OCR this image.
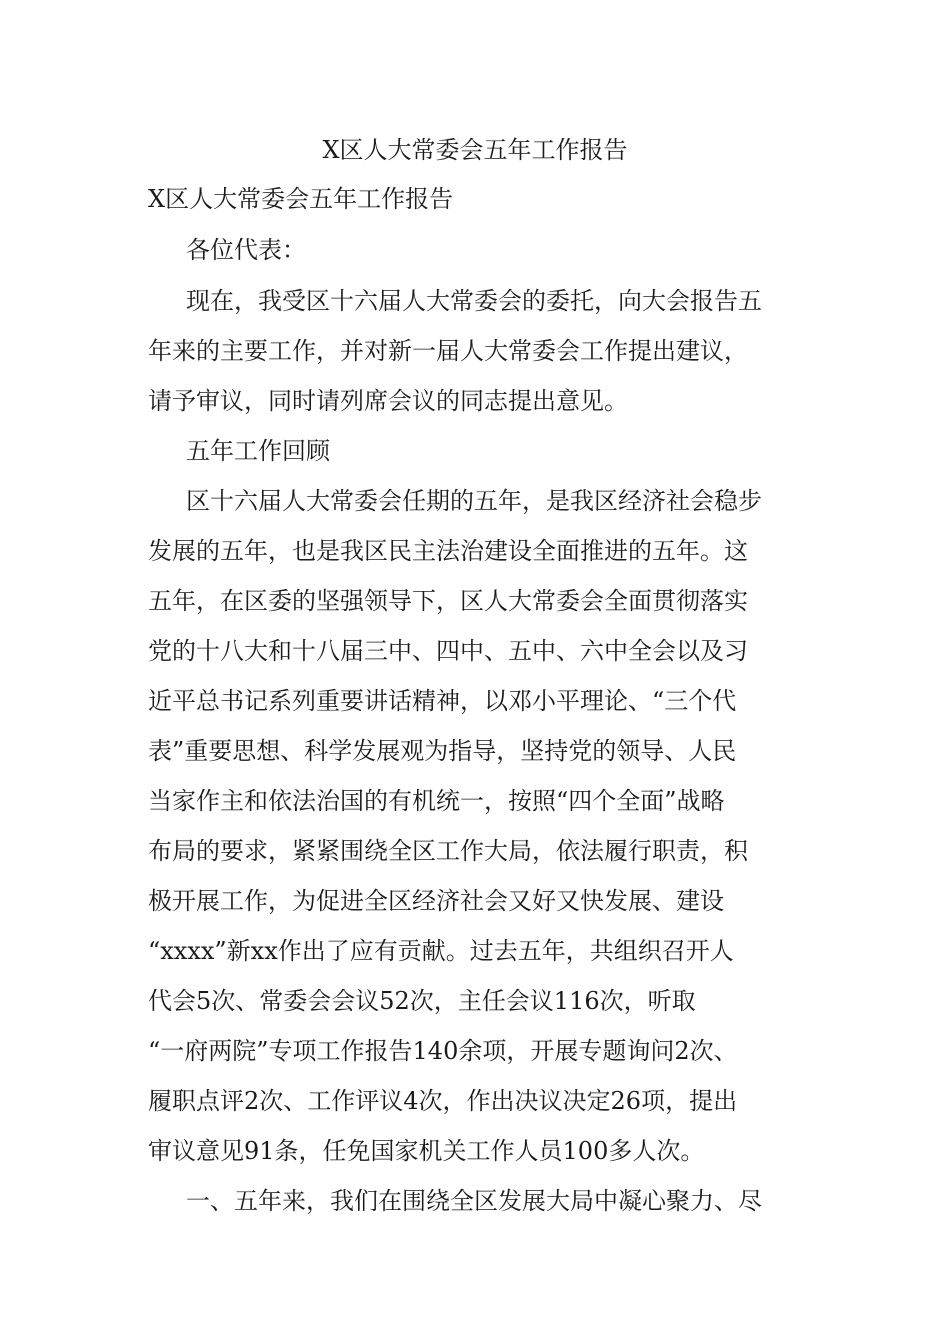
X区人大常委会五年工作报告
X区人大常委会五年工作报告

各位代表：

现在，我受区十六届人大常委会的委托，向大会报告五

年来的主要工作，并对新一届人大常委会工作提出建议，

请予审议，同时请列席会议的同志提出意见。

五年工作回顾

区十六届人大常委会任期的五年，是我区经济社会稳步

发展的五年，也是我区民主法治建设全面推进的五年。这

五年，在区委的坚强领导下，区人大常委会全面贯彻落实

党的十八大和十八届三中、四中、五中、六中全会以及习

近平总书记系列重要讲话精神，以邓小平理论、“三个代

表”重要思想、科学发展观为指导，坚持党的领导、人民

当家作主和依法治国的有机统一，按照“四个全面”战略

布局的要求，紧紧围绕全区工作大局，依法履行职责，积

极开展工作，为促进全区经济社会又好又快发展、建设

“xxxx”新xx作出了应有贡献。过去五年，共组织召开人

代会5次、常委会会议52次，主任会议116次，听取

“一府两院”专项工作报告140余项，开展专题询问2次、

履职点评2次、工作评议4次，作出决议决定26项，提出

审议意见91条，任免国家机关工作人员100多人次。

一、五年来，我们在围绕全区发展大局中凝心聚力、尽
